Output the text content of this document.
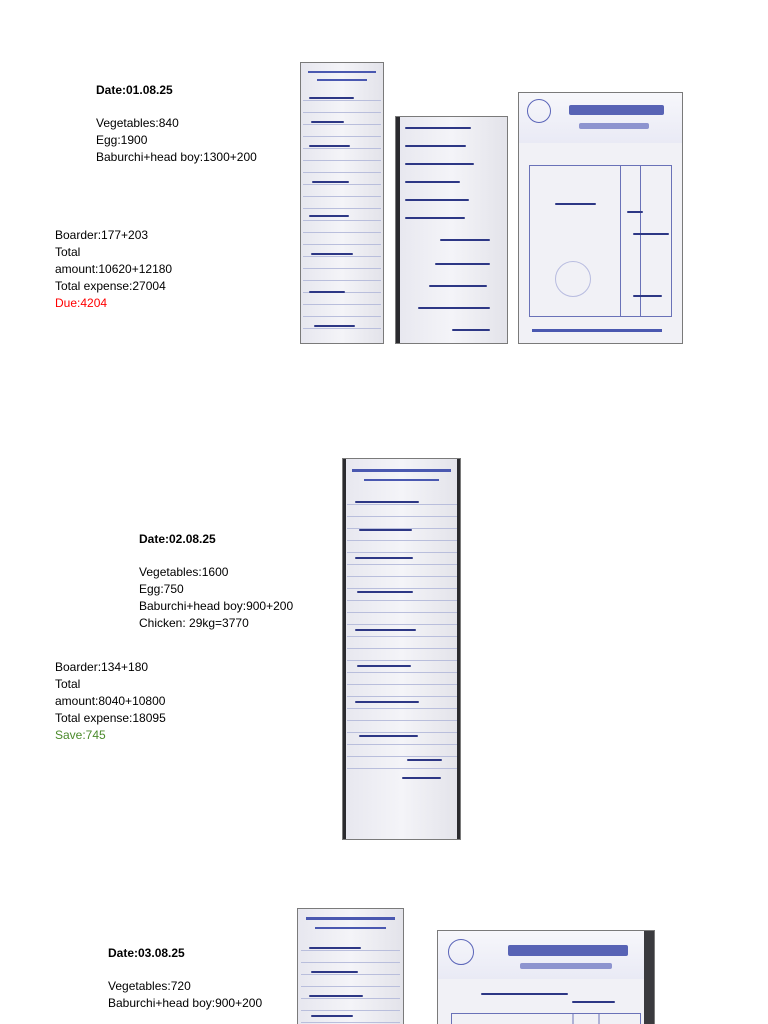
Date:01.08.25
Vegetables:840
Egg:1900
Baburchi+head boy:1300+200
Boarder:177+203
Total
amount:10620+12180
Total expense:27004
Due:4204
Date:02.08.25
Vegetables:1600
Egg:750
Baburchi+head boy:900+200
Chicken: 29kg=3770
Boarder:134+180
Total
amount:8040+10800
Total expense:18095
Save:745
Date:03.08.25
Vegetables:720
Baburchi+head boy:900+200
